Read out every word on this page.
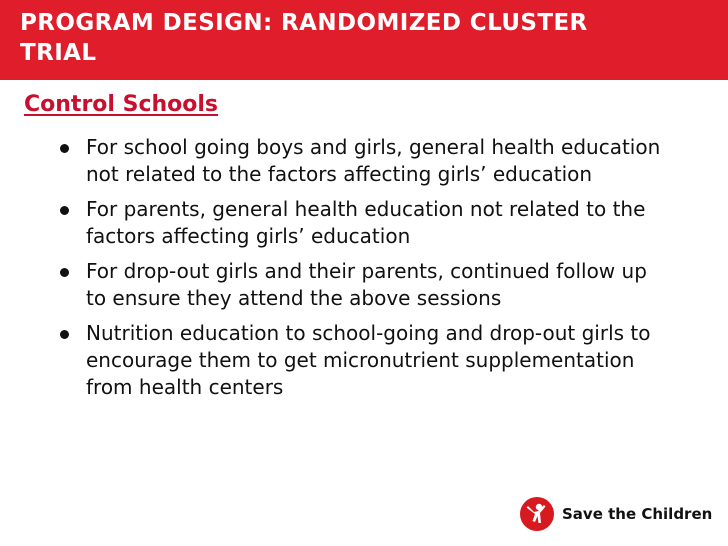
PROGRAM DESIGN: RANDOMIZED CLUSTER TRIAL
Control Schools
For school going boys and girls, general health education not related to the factors affecting girls’ education
For parents, general health education not related to the factors affecting girls’ education
For drop-out girls and their parents, continued follow up to ensure they attend the above sessions
Nutrition education to school-going and drop-out girls to encourage them to get micronutrient supplementation from health centers
Save the Children
